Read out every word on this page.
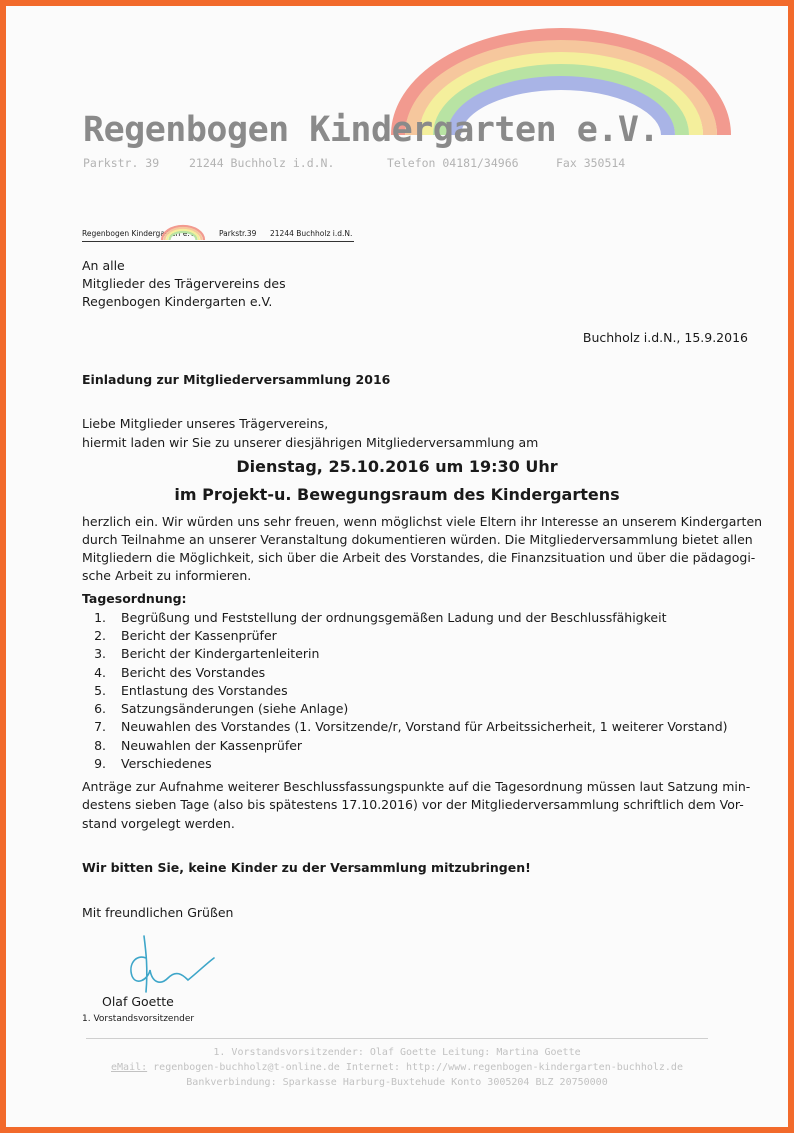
Regenbogen Kindergarten e.V.
Parkstr. 39	21244 Buchholz i.d.N.	Telefon 04181/34966	Fax 350514
Regenbogen Kindergarten e.V.	Parkstr.39 21244 Buchholz i.d.N.
An alle
Mitglieder des Trägervereins des
Regenbogen Kindergarten e.V.
Buchholz i.d.N., 15.9.2016
Einladung zur Mitgliederversammlung 2016
Liebe Mitglieder unseres Trägervereins,
hiermit laden wir Sie zu unserer diesjährigen Mitgliederversammlung am
Dienstag, 25.10.2016 um 19:30 Uhr
im Projekt-u. Bewegungsraum des Kindergartens
herzlich ein. Wir würden uns sehr freuen, wenn möglichst viele Eltern ihr Interesse an unserem Kindergarten
durch Teilnahme an unserer Veranstaltung dokumentieren würden. Die Mitgliederversammlung bietet allen
Mitgliedern die Möglichkeit, sich über die Arbeit des Vorstandes, die Finanzsituation und über die pädagogi-
sche Arbeit zu informieren.
Tagesordnung:
1. Begrüßung und Feststellung der ordnungsgemäßen Ladung und der Beschlussfähigkeit
2. Bericht der Kassenprüfer
3. Bericht der Kindergartenleiterin
4. Bericht des Vorstandes
5. Entlastung des Vorstandes
6. Satzungsänderungen (siehe Anlage)
7. Neuwahlen des Vorstandes (1. Vorsitzende/r, Vorstand für Arbeitssicherheit, 1 weiterer Vorstand)
8. Neuwahlen der Kassenprüfer
9. Verschiedenes
Anträge zur Aufnahme weiterer Beschlussfassungspunkte auf die Tagesordnung müssen laut Satzung min-
destens sieben Tage (also bis spätestens 17.10.2016) vor der Mitgliederversammlung schriftlich dem Vor-
stand vorgelegt werden.
Wir bitten Sie, keine Kinder zu der Versammlung mitzubringen!
Mit freundlichen Grüßen
Olaf Goette
1. Vorstandsvorsitzender
1. Vorstandsvorsitzender: Olaf Goette Leitung: Martina Goette
eMail: regenbogen-buchholz@t-online.de Internet: http://www.regenbogen-kindergarten-buchholz.de
Bankverbindung: Sparkasse Harburg-Buxtehude Konto 3005204 BLZ 20750000
